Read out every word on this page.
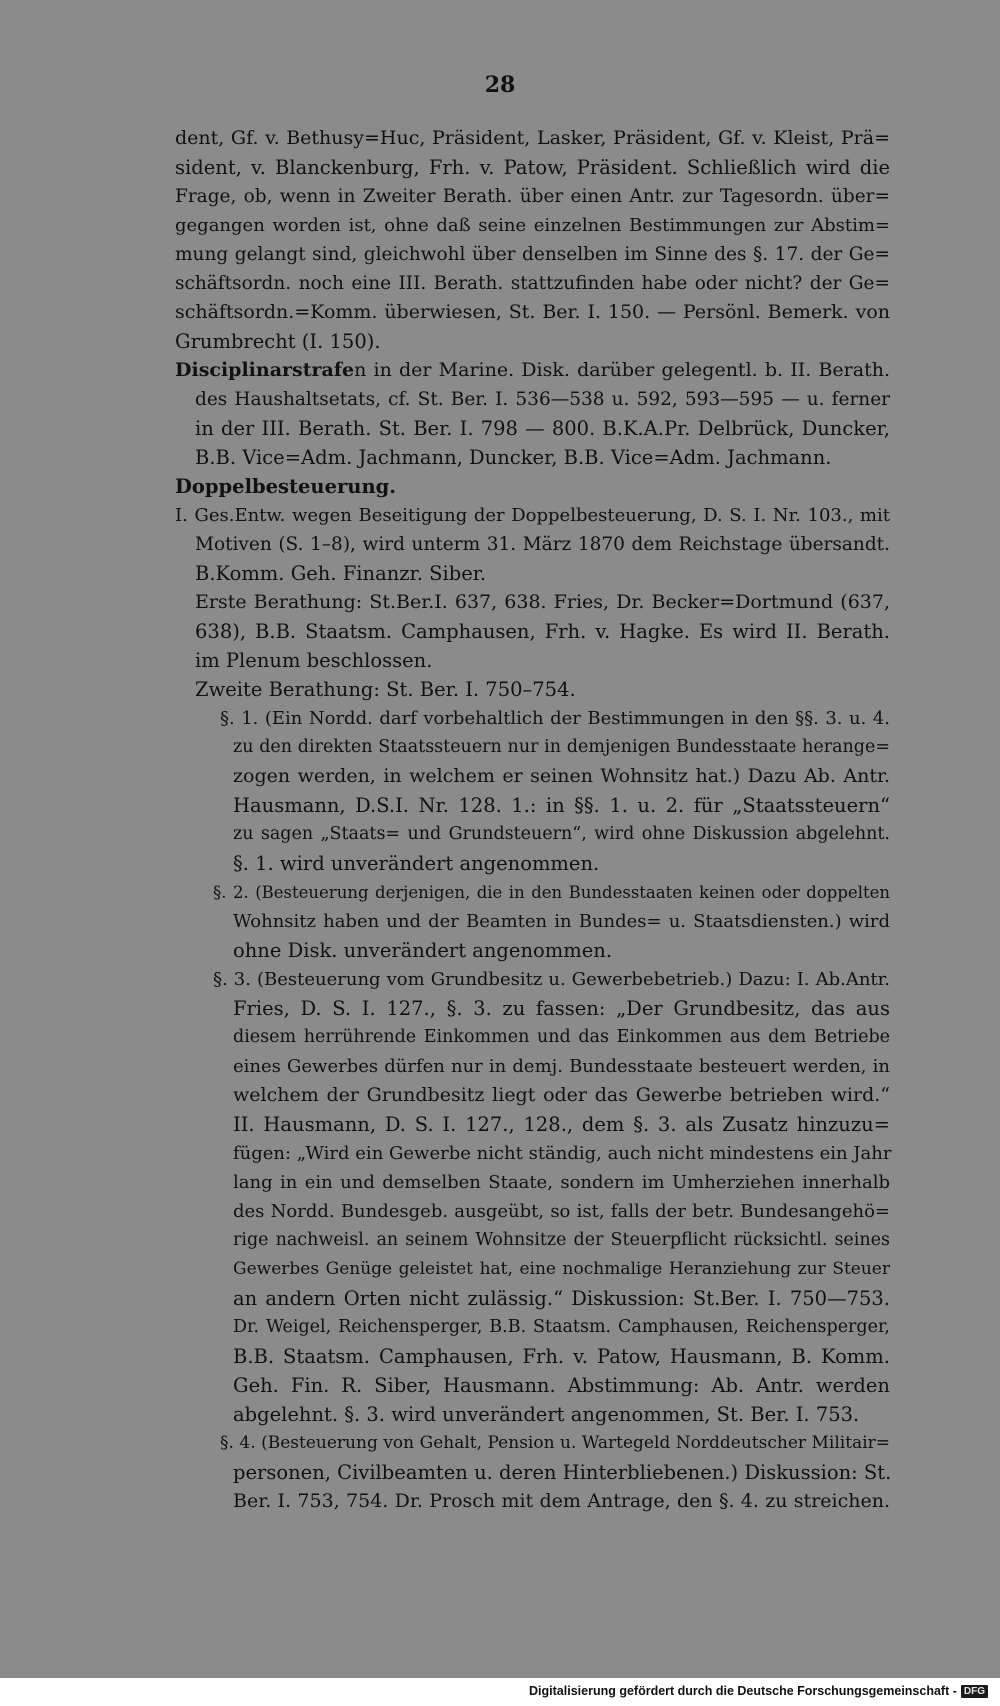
28
dent, Gf. v. Bethusy=Huc, Präsident, Lasker, Präsident, Gf. v. Kleist, Prä=
sident, v. Blanckenburg, Frh. v. Patow, Präsident. Schließlich wird die
Frage, ob, wenn in Zweiter Berath. über einen Antr. zur Tagesordn. über=
gegangen worden ist, ohne daß seine einzelnen Bestimmungen zur Abstim=
mung gelangt sind, gleichwohl über denselben im Sinne des §. 17. der Ge=
schäftsordn. noch eine III. Berath. stattzufinden habe oder nicht? der Ge=
schäftsordn.=Komm. überwiesen, St. Ber. I. 150. — Persönl. Bemerk. von
Grumbrecht (I. 150).
Disciplinarstrafen in der Marine. Disk. darüber gelegentl. b. II. Berath.
des Haushaltsetats, cf. St. Ber. I. 536—538 u. 592, 593—595 — u. ferner
in der III. Berath. St. Ber. I. 798 — 800. B.K.A.Pr. Delbrück, Duncker,
B.B. Vice=Adm. Jachmann, Duncker, B.B. Vice=Adm. Jachmann.
Doppelbesteuerung.
I. Ges.Entw. wegen Beseitigung der Doppelbesteuerung, D. S. I. Nr. 103., mit
Motiven (S. 1–8), wird unterm 31. März 1870 dem Reichstage übersandt.
B.Komm. Geh. Finanzr. Siber.
Erste Berathung: St.Ber.I. 637, 638. Fries, Dr. Becker=Dortmund (637,
638), B.B. Staatsm. Camphausen, Frh. v. Hagke. Es wird II. Berath.
im Plenum beschlossen.
Zweite Berathung: St. Ber. I. 750–754.
§. 1. (Ein Nordd. darf vorbehaltlich der Bestimmungen in den §§. 3. u. 4.
zu den direkten Staatssteuern nur in demjenigen Bundesstaate herange=
zogen werden, in welchem er seinen Wohnsitz hat.) Dazu Ab. Antr.
Hausmann, D.S.I. Nr. 128. 1.: in §§. 1. u. 2. für „Staatssteuern“
zu sagen „Staats= und Grundsteuern“, wird ohne Diskussion abgelehnt.
§. 1. wird unverändert angenommen.
§. 2. (Besteuerung derjenigen, die in den Bundesstaaten keinen oder doppelten
Wohnsitz haben und der Beamten in Bundes= u. Staatsdiensten.) wird
ohne Disk. unverändert angenommen.
§. 3. (Besteuerung vom Grundbesitz u. Gewerbebetrieb.) Dazu: I. Ab.Antr.
Fries, D. S. I. 127., §. 3. zu fassen: „Der Grundbesitz, das aus
diesem herrührende Einkommen und das Einkommen aus dem Betriebe
eines Gewerbes dürfen nur in demj. Bundesstaate besteuert werden, in
welchem der Grundbesitz liegt oder das Gewerbe betrieben wird.“
II. Hausmann, D. S. I. 127., 128., dem §. 3. als Zusatz hinzuzu=
fügen: „Wird ein Gewerbe nicht ständig, auch nicht mindestens ein Jahr
lang in ein und demselben Staate, sondern im Umherziehen innerhalb
des Nordd. Bundesgeb. ausgeübt, so ist, falls der betr. Bundesangehö=
rige nachweisl. an seinem Wohnsitze der Steuerpflicht rücksichtl. seines
Gewerbes Genüge geleistet hat, eine nochmalige Heranziehung zur Steuer
an andern Orten nicht zulässig.“ Diskussion: St.Ber. I. 750—753.
Dr. Weigel, Reichensperger, B.B. Staatsm. Camphausen, Reichensperger,
B.B. Staatsm. Camphausen, Frh. v. Patow, Hausmann, B. Komm.
Geh. Fin. R. Siber, Hausmann. Abstimmung: Ab. Antr. werden
abgelehnt. §. 3. wird unverändert angenommen, St. Ber. I. 753.
§. 4. (Besteuerung von Gehalt, Pension u. Wartegeld Norddeutscher Militair=
personen, Civilbeamten u. deren Hinterbliebenen.) Diskussion: St.
Ber. I. 753, 754. Dr. Prosch mit dem Antrage, den §. 4. zu streichen.
Digitalisierung gefördert durch die Deutsche Forschungsgemeinschaft - DFG
